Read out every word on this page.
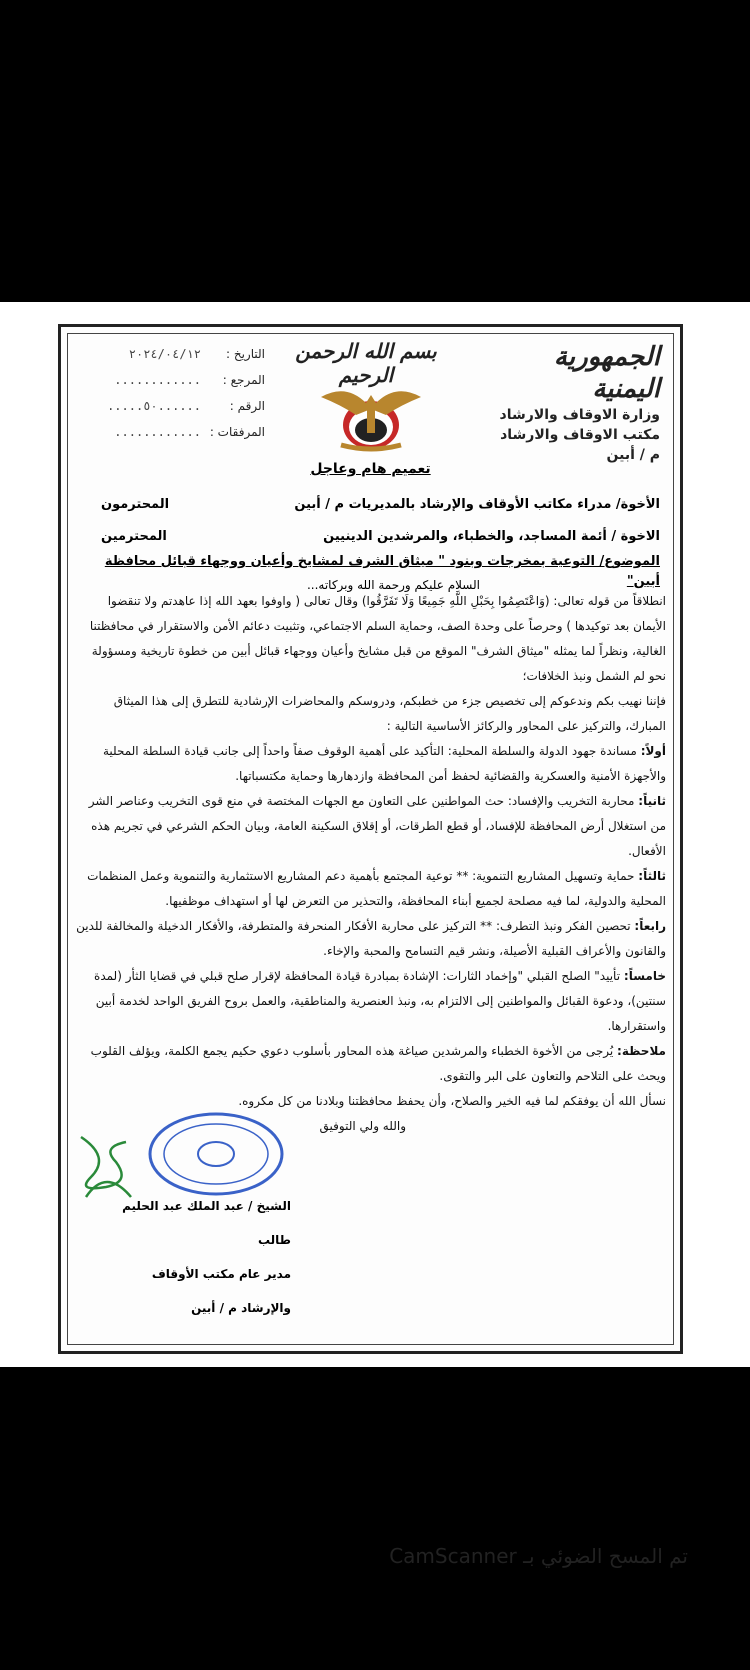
الجمهورية اليمنية
وزارة الاوقاف والارشاد
مكتب الاوقاف والارشاد
م / أبين
بسم الله الرحمن الرحيم
التاريخ :
٢٠٢٤/٠٤/١٢
المرجع :
............
الرقم :
......٥٠.....
المرفقات :
............
تعميم هام وعاجل
الأخوة/ مدراء مكاتب الأوقاف والإرشاد بالمديريات م / أبين
المحترمون
الاخوة / أئمة المساجد، والخطباء، والمرشدين الدينيين
المحترمين
الموضوع/ التوعية بمخرجات وبنود " ميثاق الشرف لمشايخ وأعيان ووجهاء قبائل محافظة أبين"
السلام عليكم ورحمة الله وبركاته...

انطلاقاً من قوله تعالى: (وَاعْتَصِمُوا بِحَبْلِ اللَّهِ جَمِيعًا وَلَا تَفَرَّقُوا) وقال تعالى ( واوفوا بعهد الله إذا عاهدتم ولا تنقضوا الأيمان بعد توكيدها ) وحرصاً على وحدة الصف، وحماية السلم الاجتماعي، وتثبيت دعائم الأمن والاستقرار في محافظتنا الغالية، ونظراً لما يمثله "ميثاق الشرف" الموقع من قبل مشايخ وأعيان ووجهاء قبائل أبين من خطوة تاريخية ومسؤولة نحو لم الشمل ونبذ الخلافات؛

فإننا نهيب بكم وندعوكم إلى تخصيص جزء من خطبكم، ودروسكم والمحاضرات الإرشادية للتطرق إلى هذا الميثاق المبارك، والتركيز على المحاور والركائز الأساسية التالية :

أولاً: مساندة جهود الدولة والسلطة المحلية: التأكيد على أهمية الوقوف صفاً واحداً إلى جانب قيادة السلطة المحلية والأجهزة الأمنية والعسكرية والقضائية لحفظ أمن المحافظة وازدهارها وحماية مكتسباتها.

ثانياً: محاربة التخريب والإفساد: حث المواطنين على التعاون مع الجهات المختصة في منع قوى التخريب وعناصر الشر من استغلال أرض المحافظة للإفساد، أو قطع الطرقات، أو إقلاق السكينة العامة، وبيان الحكم الشرعي في تجريم هذه الأفعال.

ثالثاً: حماية وتسهيل المشاريع التنموية: ** توعية المجتمع بأهمية دعم المشاريع الاستثمارية والتنموية وعمل المنظمات المحلية والدولية، لما فيه مصلحة لجميع أبناء المحافظة، والتحذير من التعرض لها أو استهداف موظفيها.

رابعاً: تحصين الفكر ونبذ التطرف: ** التركيز على محاربة الأفكار المنحرفة والمتطرفة، والأفكار الدخيلة والمخالفة للدين والقانون والأعراف القبلية الأصيلة، ونشر قيم التسامح والمحبة والإخاء.

خامساً: تأييد" الصلح القبلي "وإخماد الثارات: الإشادة بمبادرة قيادة المحافظة لإقرار صلح قبلي في قضايا الثأر (لمدة سنتين)، ودعوة القبائل والمواطنين إلى الالتزام به، ونبذ العنصرية والمناطقية، والعمل بروح الفريق الواحد لخدمة أبين واستقرارها.

ملاحظة: يُرجى من الأخوة الخطباء والمرشدين صياغة هذه المحاور بأسلوب دعوي حكيم يجمع الكلمة، ويؤلف القلوب ويحث على التلاحم والتعاون على البر والتقوى.

نسأل الله أن يوفقكم لما فيه الخير والصلاح، وأن يحفظ محافظتنا وبلادنا من كل مكروه.

والله ولي التوفيق

الشيخ / عبد الملك عبد الحليم طالب
مدير عام مكتب الأوقاف والإرشاد م / أبين
تم المسح الضوئي بـ CamScanner
